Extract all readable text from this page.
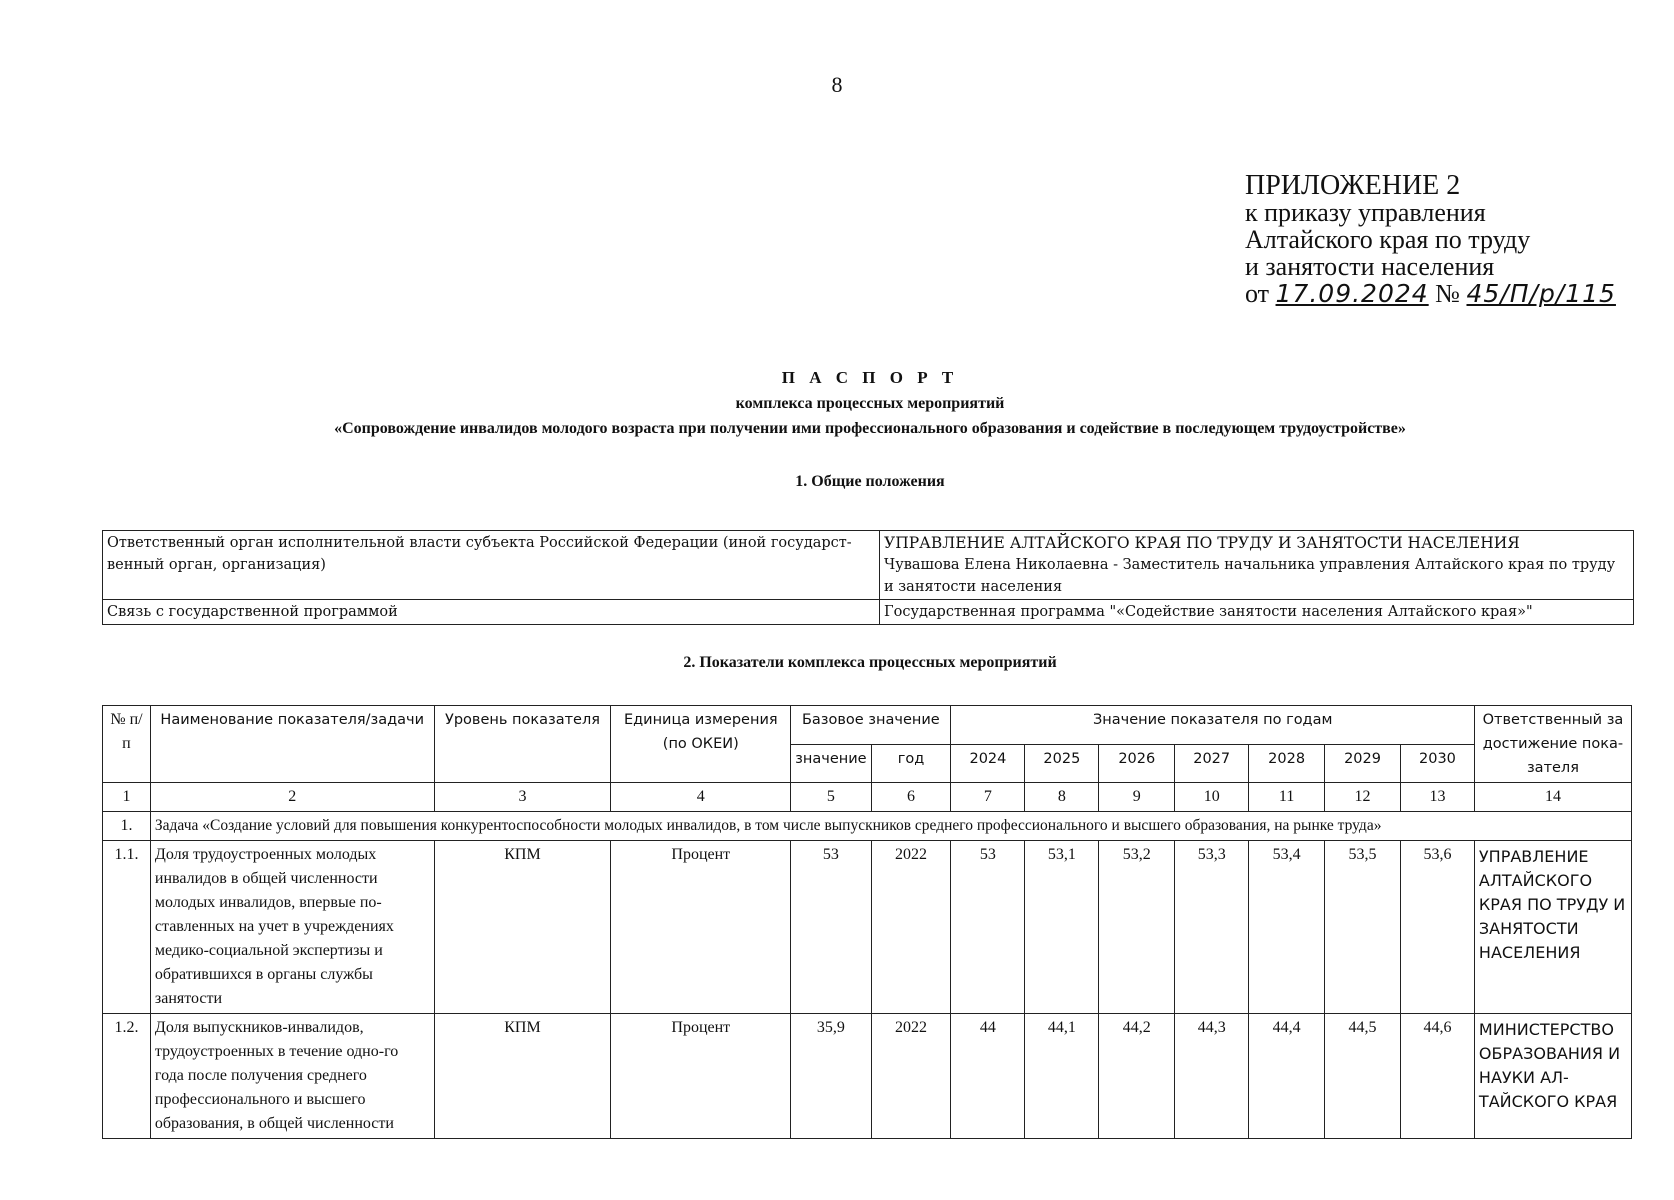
8
ПРИЛОЖЕНИЕ 2
к приказу управления
Алтайского края по труду
и занятости населения
от 17.09.2024 № 45/П/р/115
П А С П О Р Т
комплекса процессных мероприятий
«Сопровождение инвалидов молодого возраста при получении ими профессионального образования и содействие в последующем трудоустройстве»
1. Общие положения
Ответственный орган исполнительной власти субъекта Российской Федерации (иной государст-венный орган, организация)	УПРАВЛЕНИЕ АЛТАЙСКОГО КРАЯ ПО ТРУДУ И ЗАНЯТОСТИ НАСЕЛЕНИЯ
Чувашова Елена Николаевна - Заместитель начальника управления Алтайского края по труду и занятости населения

Связь с государственной программой	Государственная программа "«Содействие занятости населения Алтайского края»"
2. Показатели комплекса процессных мероприятий
№ п/п	Наименование показателя/задачи	Уровень показателя	Единица измерения (по ОКЕИ)	Базовое значение		Значение показателя по годам							Ответственный за достижение пока-зателя
				значение	год	2024	2025	2026	2027	2028	2029	2030	
1	2	3	4	5	6	7	8	9	10	11	12	13	14
1.	Задача «Создание условий для повышения конкурентоспособности молодых инвалидов, в том числе выпускников среднего профессионального и высшего образования, на рынке труда»												
1.1.	Доля трудоустроенных молодых инвалидов в общей численности молодых инвалидов, впервые по-ставленных на учет в учреждениях медико-социальной экспертизы и обратившихся в органы службы занятости	КПМ	Процент	53	2022	53	53,1	53,2	53,3	53,4	53,5	53,6	УПРАВЛЕНИЕ АЛТАЙСКОГО КРАЯ ПО ТРУДУ И ЗАНЯТОСТИ НАСЕЛЕНИЯ
1.2.	Доля выпускников-инвалидов, трудоустроенных в течение одно-го года после получения среднего профессионального и высшего образования, в общей численности	КПМ	Процент	35,9	2022	44	44,1	44,2	44,3	44,4	44,5	44,6	МИНИСТЕРСТВО ОБРАЗОВАНИЯ И НАУКИ АЛ-ТАЙСКОГО КРАЯ
